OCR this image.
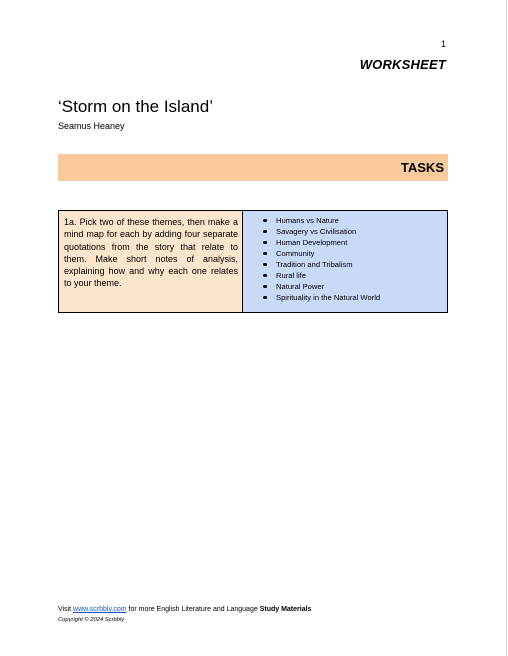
1
WORKSHEET
‘Storm on the Island’
Seamus Heaney
TASKS
1a. Pick two of these themes, then make a mind map for each by adding four separate quotations from the story that relate to them. Make short notes of analysis, explaining how and why each one relates to your theme.
Humans vs Nature
Savagery vs Civilisation
Human Development
Community
Tradition and Tribalism
Rural life
Natural Power
Spirituality in the Natural World
Visit www.scrbbly.com for more English Literature and Language Study Materials
Copyright © 2024 Scrbbly
